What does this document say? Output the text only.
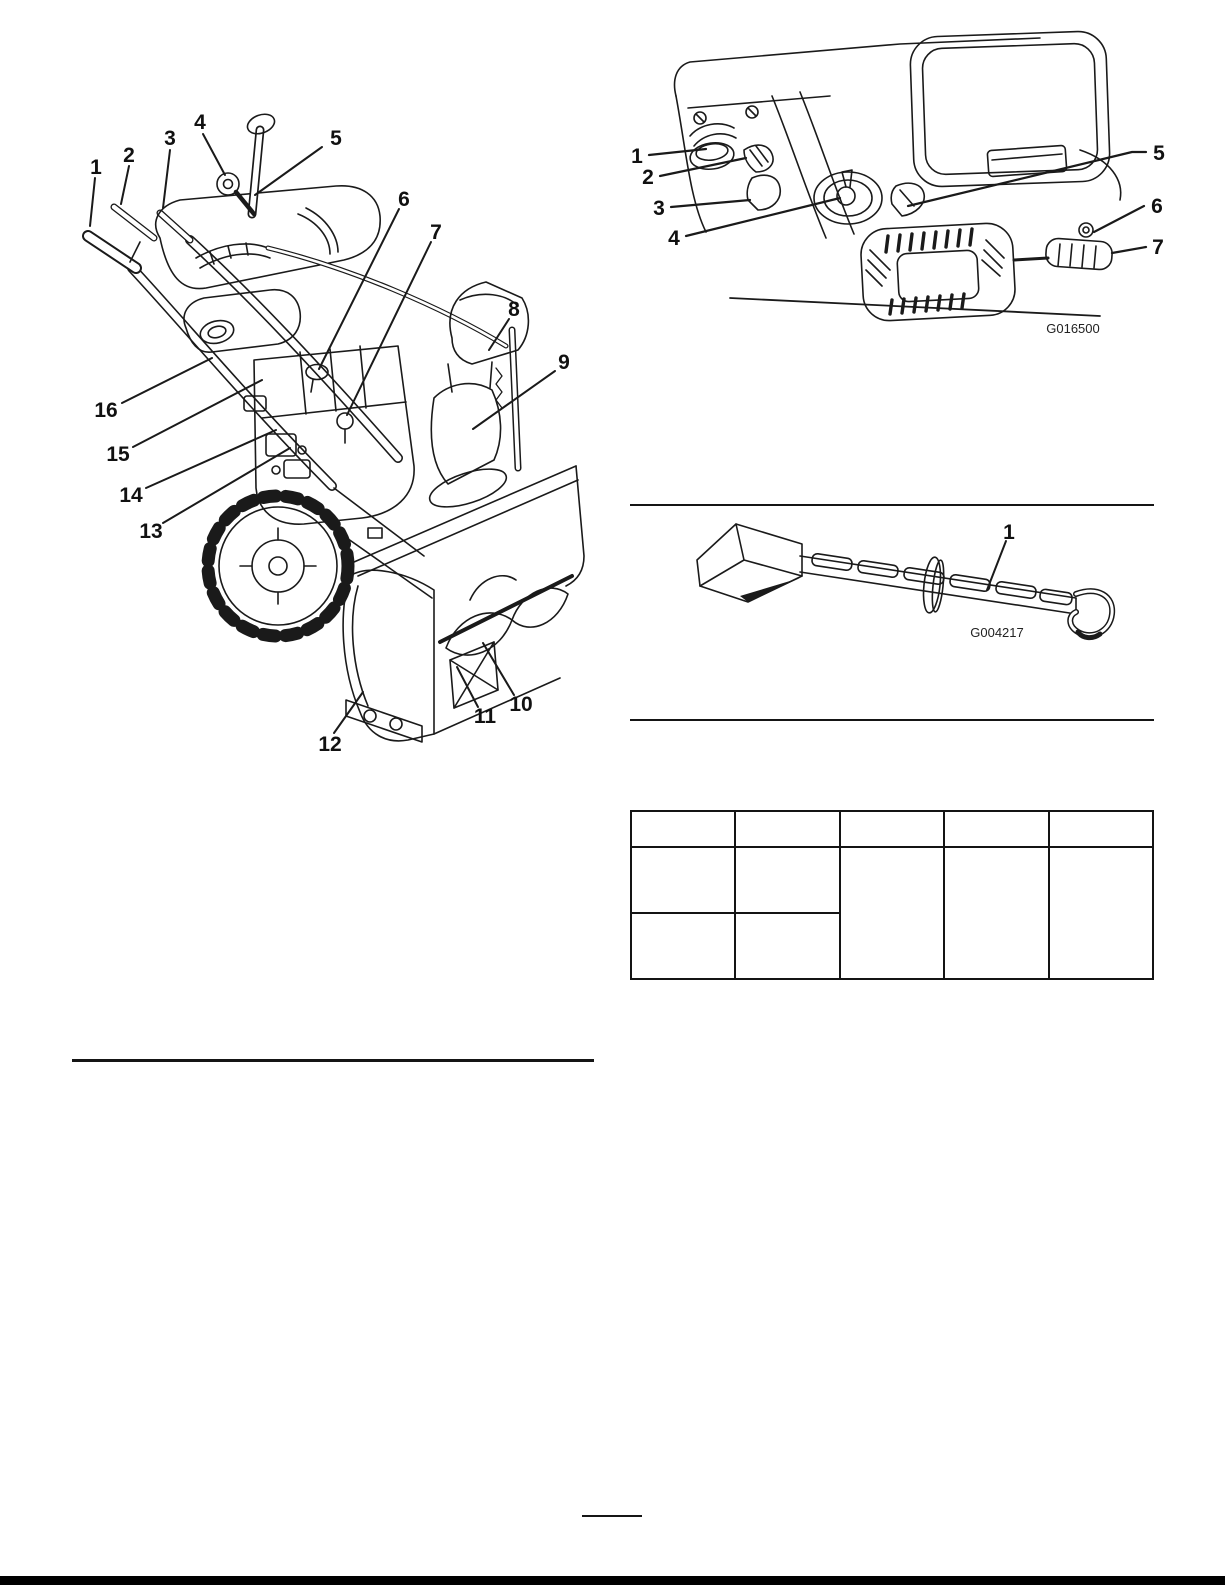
1
2
3
4
5
6
7
8
9
10
11
12
13
14
15
16
1
2
3
4
5
6
7
G016500
1
G004217
